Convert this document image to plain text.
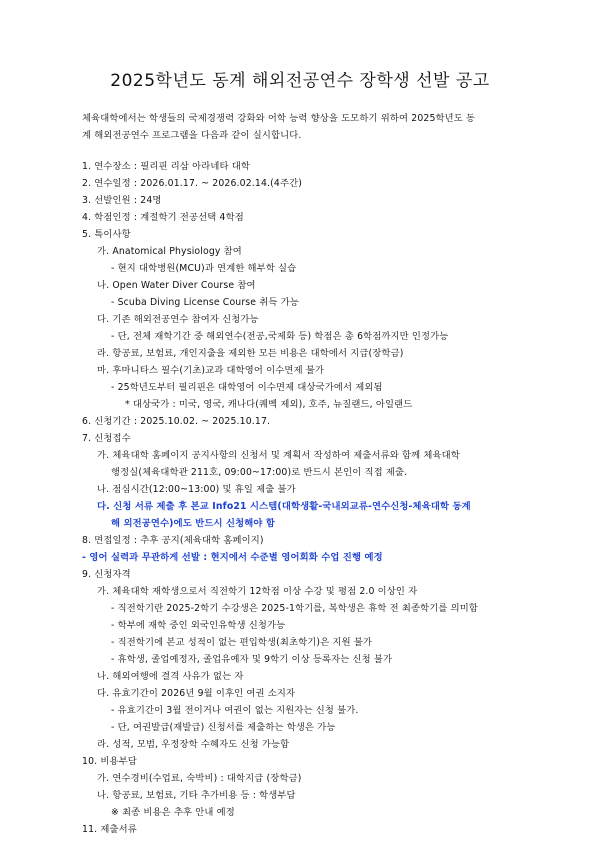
2025학년도 동계 해외전공연수 장학생 선발 공고
체육대학에서는 학생들의 국제경쟁력 강화와 어학 능력 향상을 도모하기 위하여 2025학년도 동
계 해외전공연수 프로그램을 다음과 같이 실시합니다.
1. 연수장소 : 필리핀 리삼 아라네타 대학
2. 연수일정 : 2026.01.17. ~ 2026.02.14.(4주간)
3. 선발인원 : 24명
4. 학점인정 : 계절학기 전공선택 4학점
5. 특이사항
가. Anatomical Physiology 참여
- 현지 대학병원(MCU)과 연계한 해부학 실습
나. Open Water Diver Course 참여
- Scuba Diving License Course 취득 가능
다. 기존 해외전공연수 참여자 신청가능
- 단, 전체 재학기간 중 해외연수(전공,국제화 등) 학점은 총 6학점까지만 인정가능
라. 항공료, 보험료, 개인지출을 제외한 모든 비용은 대학에서 지급(장학금)
마. 후마니타스 필수(기초)교과 대학영어 이수면제 불가
- 25학년도부터 필리핀은 대학영어 이수면제 대상국가에서 제외됨
* 대상국가 : 미국, 영국, 캐나다(퀘벡 제외), 호주, 뉴질랜드, 아일랜드
6. 신청기간 : 2025.10.02. ~ 2025.10.17.
7. 신청접수
가. 체육대학 홈페이지 공지사항의 신청서 및 계획서 작성하여 제출서류와 함께 체육대학
행정실(체육대학관 211호, 09:00~17:00)로 반드시 본인이 직접 제출.
나. 점심시간(12:00~13:00) 및 휴일 제출 불가
다. 신청 서류 제출 후 본교 Info21 시스템(대학생활-국내외교류-연수신청-체육대학 동계
해 외전공연수)에도 반드시 신청해야 함
8. 면접일정 : 추후 공지(체육대학 홈페이지)
- 영어 실력과 무관하게 선발 : 현지에서 수준별 영어회화 수업 진행 예정
9. 신청자격
가. 체육대학 재학생으로서 직전학기 12학점 이상 수강 및 평점 2.0 이상인 자
- 직전학기란 2025-2학기 수강생은 2025-1학기를, 복학생은 휴학 전 최종학기를 의미함
- 학부에 재학 중인 외국인유학생 신청가능
- 직전학기에 본교 성적이 없는 편입학생(최초학기)은 지원 불가
- 휴학생, 졸업예정자, 졸업유예자 및 9학기 이상 등록자는 신청 불가
나. 해외여행에 결격 사유가 없는 자
다. 유효기간이 2026년 9월 이후인 여권 소지자
- 유효기간이 3월 전이거나 여권이 없는 지원자는 신청 불가.
- 단, 여권발급(재발급) 신청서를 제출하는 학생은 가능
라. 성적, 모범, 우정장학 수혜자도 신청 가능함
10. 비용부담
가. 연수경비(수업료, 숙박비) : 대학지급 (장학금)
나. 항공료, 보험료, 기타 추가비용 등 : 학생부담
※ 최종 비용은 추후 안내 예정
11. 제출서류
